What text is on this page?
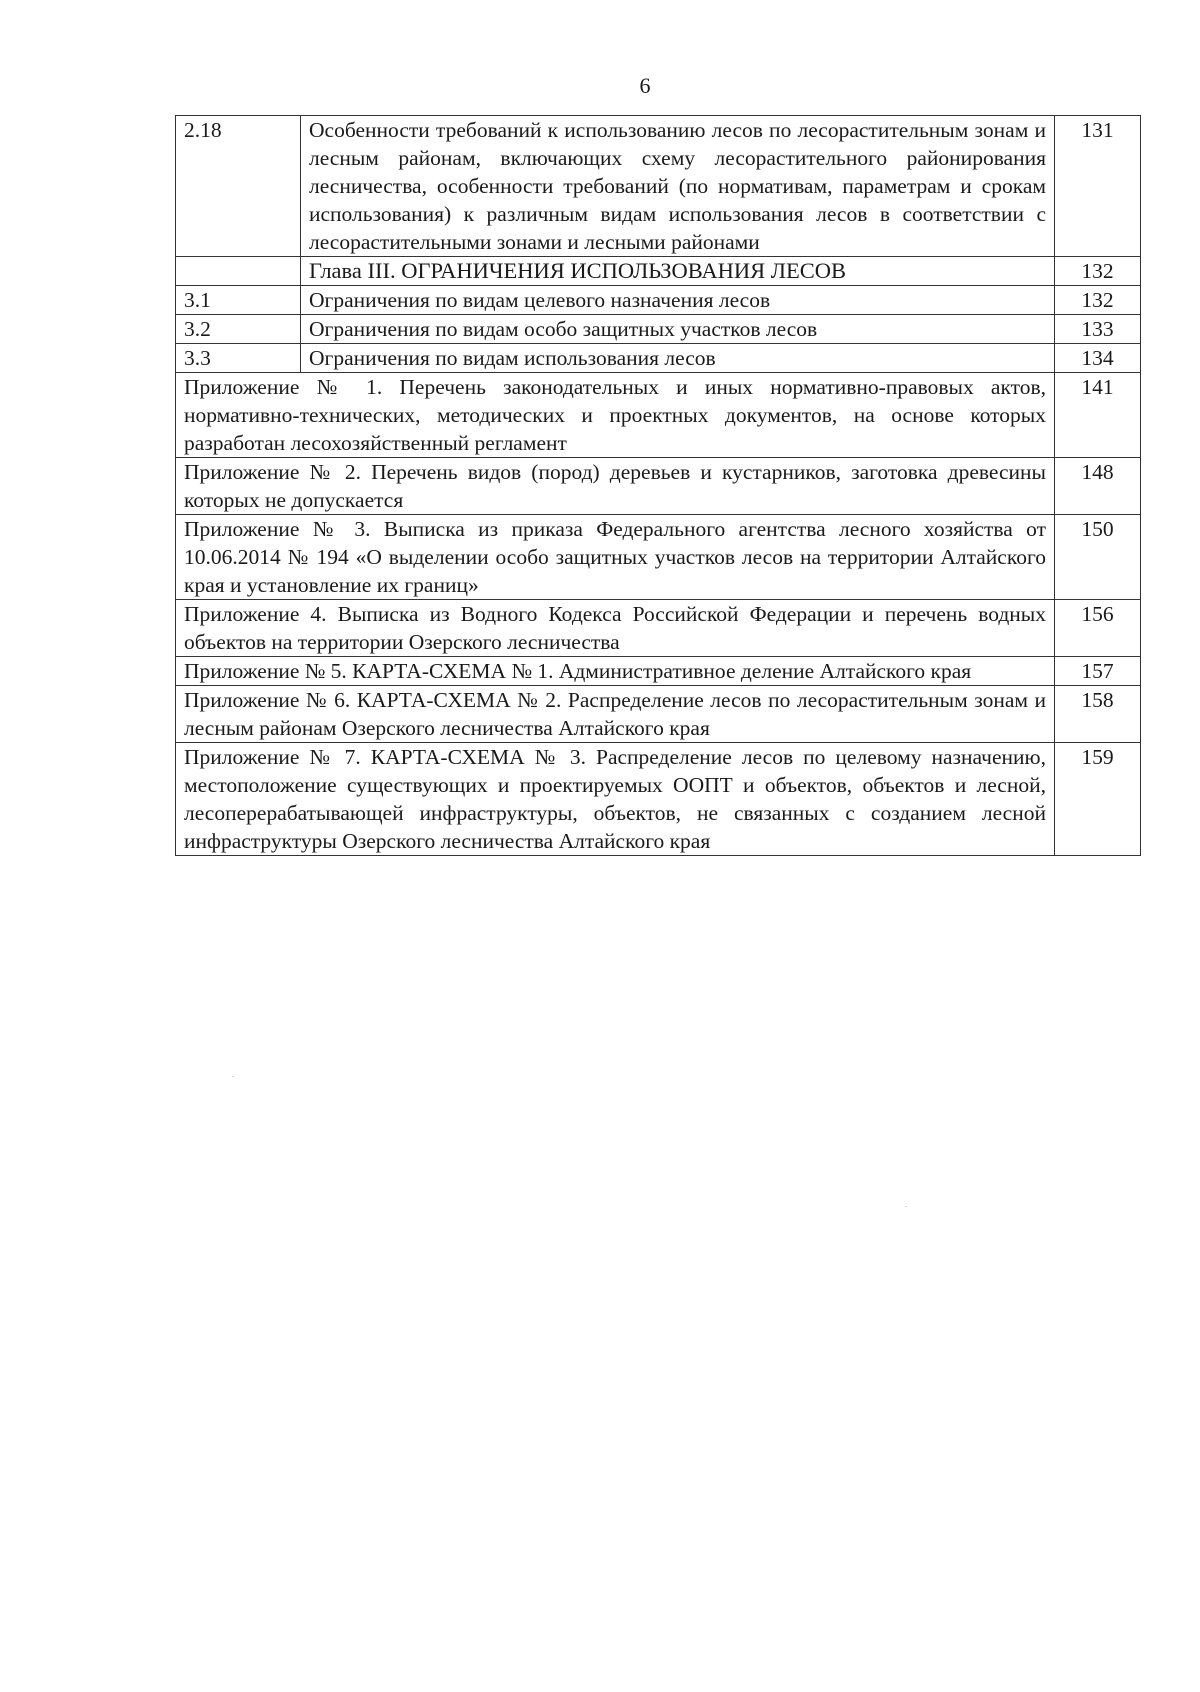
6
2.18	Особенности требований к использованию лесов по лесорастительным зонам и лесным районам, включающих схему лесорастительного районирования лесничества, особенности требований (по нормативам, параметрам и срокам использования) к различным видам использования лесов в соответствии с лесорастительными зонами и лесными районами	131
	Глава III. ОГРАНИЧЕНИЯ ИСПОЛЬЗОВАНИЯ ЛЕСОВ	132
3.1	Ограничения по видам целевого назначения лесов	132
3.2	Ограничения по видам особо защитных участков лесов	133
3.3	Ограничения по видам использования лесов	134
Приложение № 1. Перечень законодательных и иных нормативно-правовых актов, нормативно-технических, методических и проектных документов, на основе которых разработан лесохозяйственный регламент		141
Приложение № 2. Перечень видов (пород) деревьев и кустарников, заготовка древесины которых не допускается		148
Приложение № 3. Выписка из приказа Федерального агентства лесного хозяйства от 10.06.2014 № 194 «О выделении особо защитных участков лесов на территории Алтайского края и установление их границ»		150
Приложение 4. Выписка из Водного Кодекса Российской Федерации и перечень водных объектов на территории Озерского лесничества		156
Приложение № 5. КАРТА-СХЕМА № 1. Административное деление Алтайского края		157
Приложение № 6. КАРТА-СХЕМА № 2. Распределение лесов по лесорастительным зонам и лесным районам Озерского лесничества Алтайского края		158
Приложение № 7. КАРТА-СХЕМА № 3. Распределение лесов по целевому назначению, местоположение существующих и проектируемых ООПТ и объектов, объектов и лесной, лесоперерабатывающей инфраструктуры, объектов, не связанных с созданием лесной инфраструктуры Озерского лесничества Алтайского края		159
